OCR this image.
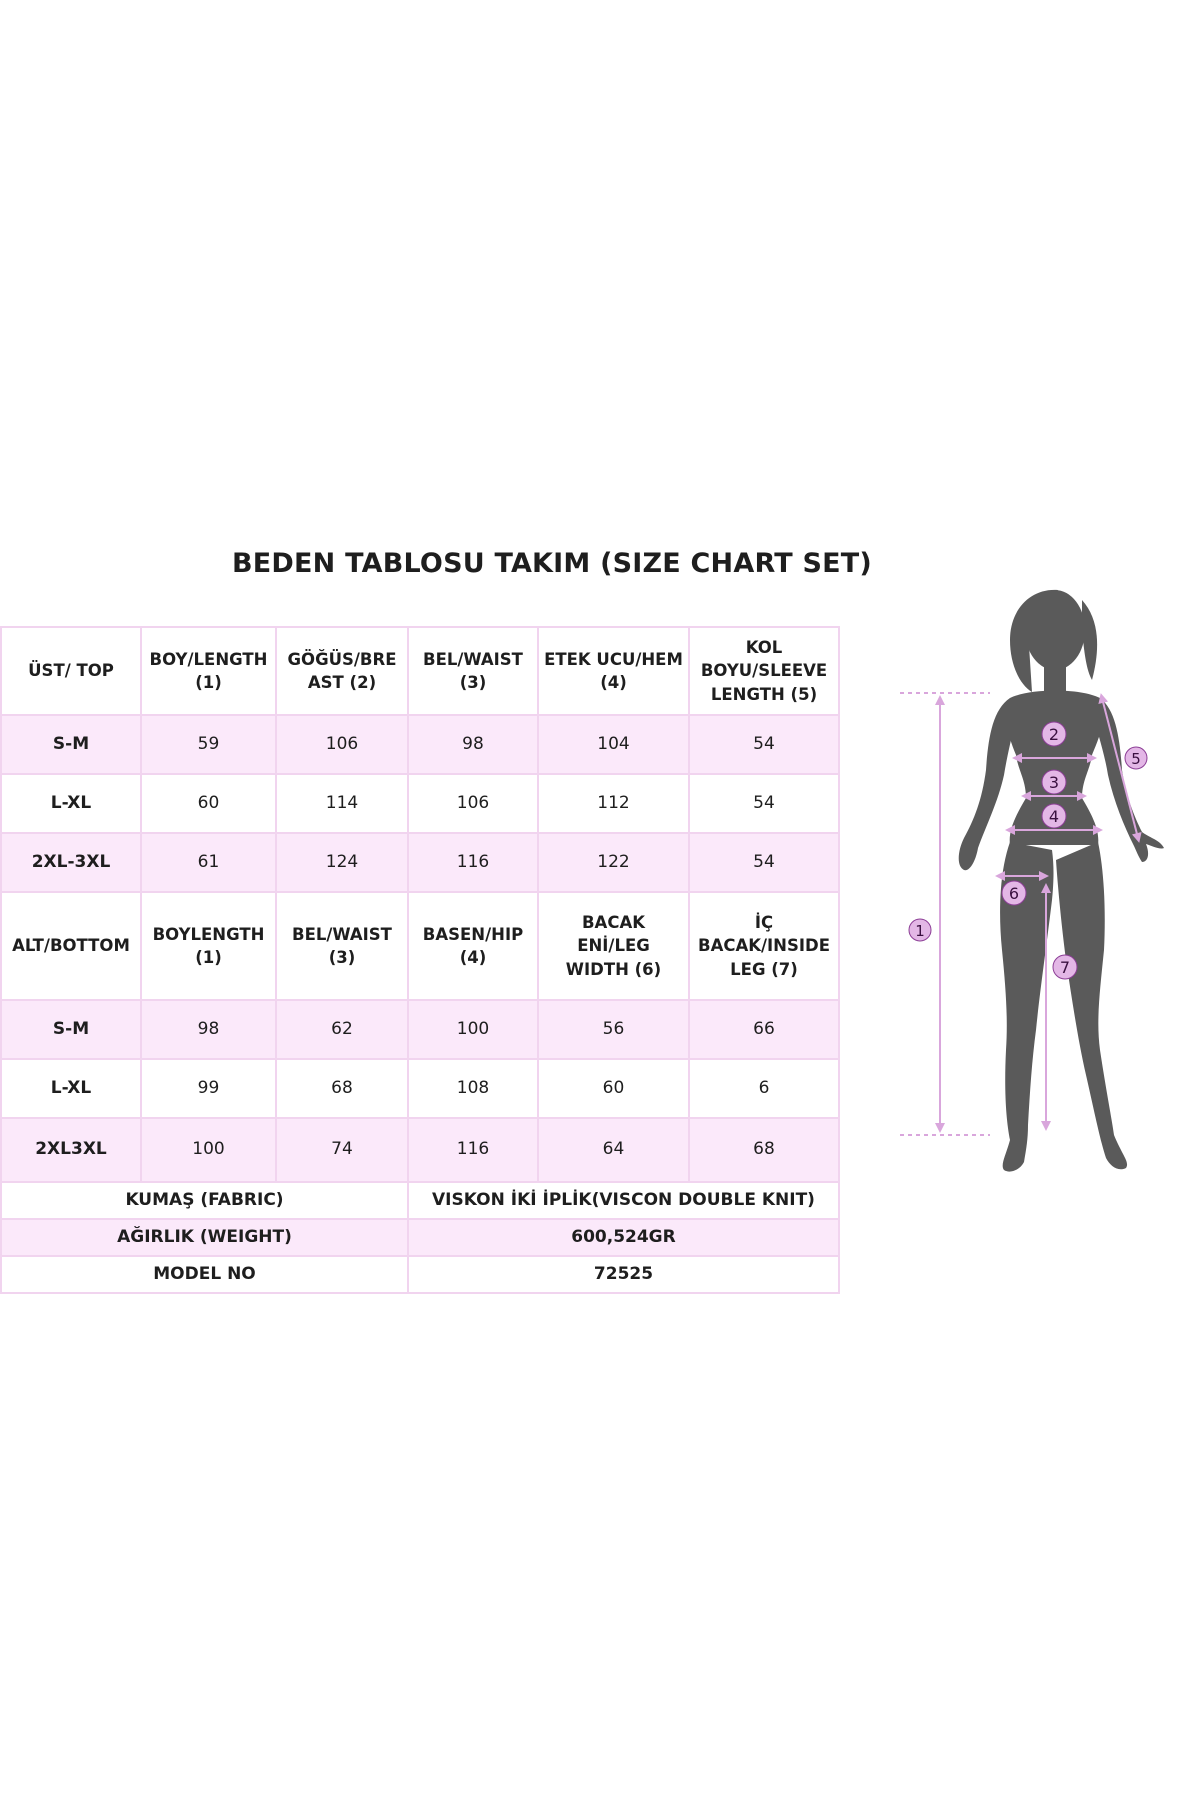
BEDEN TABLOSU TAKIM (SIZE CHART SET)
ÜST/ TOP	BOY/LENGTH (1)	GÖĞÜS/BRE AST (2)	BEL/WAIST (3)	ETEK UCU/HEM (4)	KOL BOYU/SLEEVE LENGTH (5)
S-M	59	106	98	104	54
L-XL	60	114	106	112	54
2XL-3XL	61	124	116	122	54
ALT/BOTTOM	BOYLENGTH (1)	BEL/WAIST (3)	BASEN/HIP (4)	BACAK ENİ/LEG WIDTH (6)	İÇ BACAK/INSIDE LEG (7)
S-M	98	62	100	56	66
L-XL	99	68	108	60	6
2XL3XL	100	74	116	64	68
KUMAŞ (FABRIC)			VISKON İKİ İPLİK(VISCON DOUBLE KNIT)		
AĞIRLIK (WEIGHT)			600,524GR		
MODEL NO			72525		
1
2
3
4
5
6
7
